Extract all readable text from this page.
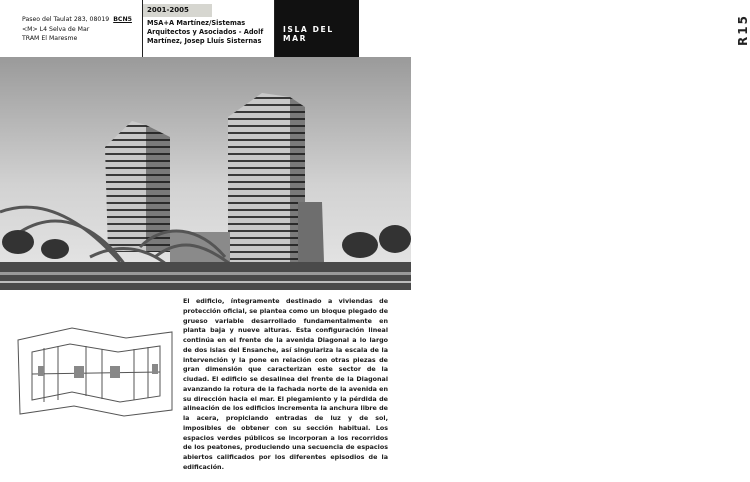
Paseo del Taulat 283, 08019 BCN5
<M> L4 Selva de Mar
TRAM El Maresme
2001-2005
MSA+A Martínez/Sistemas Arquitectos y Asociados - Adolf Martínez, Josep Lluís Sisternas
ISLA DEL MAR	R15
El edificio, íntegramente destinado a viviendas de protección oficial, se plantea como un bloque plegado de grueso variable desarrollado fundamentalmente en planta baja y nueve alturas. Esta configuración lineal continúa en el frente de la avenida Diagonal a lo largo de dos islas del Ensanche, así singulariza la escala de la intervención y la pone en relación con otras piezas de gran dimensión que caracterizan este sector de la ciudad. El edificio se desalinea del frente de la Diagonal avanzando la rotura de la fachada norte de la avenida en su dirección hacia el mar. El plegamiento y la pérdida de alineación de los edificios incrementa la anchura libre de la acera, propiciando entradas de luz y de sol, imposibles de obtener con su sección habitual. Los espacios verdes públicos se incorporan a los recorridos de los peatones, produciendo una secuencia de espacios abiertos calificados por los diferentes episodios de la edificación.
